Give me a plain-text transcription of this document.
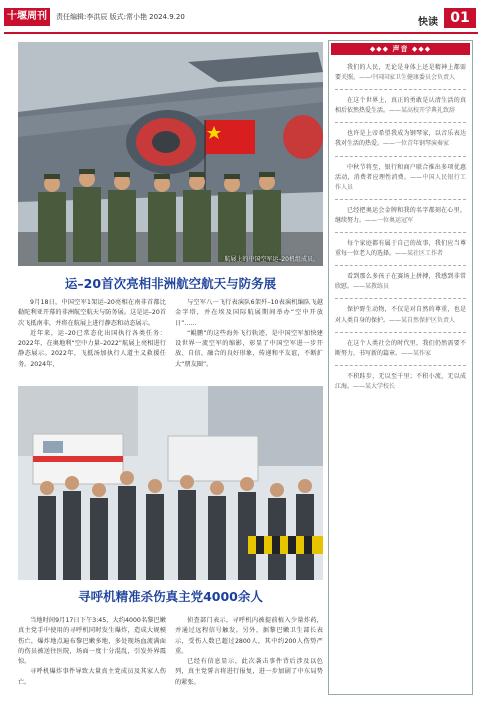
十堰周刊	责任编辑:李洪辰 版式:常小艳 2024.9.20	快读 01
航展上的中国空军运–20机组成员。
运–20首次亮相非洲航空航天与防务展

9月18日，中国空军1架运–20亮相在南非首都比勒陀利亚开幕的非洲航空航天与防务展。这是运–20首次飞抵南非，并将在航展上进行静态和动态展示。

近年来，运–20已常态化出国执行各类任务：2022年，在奥地利“空中力量–2022”航展上亮相进行静态展示。2022年，飞抵汤加执行人道主义救援任务。2024年，

与空军八一飞行表演队6架歼–10表演机编队飞越金字塔，并在埃及国际航展期间举办“空中开放日”……

“鲲鹏”的这些海外飞行轨迹，是中国空军加快建设世界一流空军的缩影，彰显了中国空军进一步开放、自信、融合的良好形象，传递和平友谊，不断扩大“朋友圈”。

寻呼机精准杀伤真主党4000余人

当地时间9月17日下午3:45，大约4000名黎巴嫩真主党手中使用的寻呼机同时发生爆炸，造成大规模伤亡，爆炸地点遍布黎巴嫩多地，多处现场血流满面的伤员被送往医院，场面一度十分混乱，引发外界震惊。

寻呼机爆炸事件导致大量真主党成员及其家人伤亡。

侦查部门表示，寻呼机内被提前植入少量炸药，并通过远程信号触发。另外，据黎巴嫩卫生部长表示，受伤人数已超过2800人，其中约200人伤势严重。

已经有信息显示，此次袭击事件背后涉及以色列，真主党誓言将进行报复，进一步加剧了中东局势的紧张。

◆◆◆ 声音 ◆◆◆
我们的人民，无论是身体上还是精神上都需要关照。——中国国家卫生健康委员会负责人
在这个世界上，真正的勇敢是认清生活的真相后依然热爱生活。——某高校开学典礼致辞
也许是上帝希望我成为钢琴家，以音乐表达我对生活的热爱。——一位青年钢琴演奏家
中秋节将至，银行和商户联合推出多项优惠活动，消费者应理性消费。——中国人民银行工作人员
已经把奥运会金牌和我的名字都刻在心里，继续努力。——一位奥运冠军
每个家庭都有属于自己的故事，我们应当尊重每一位老人的选择。——某社区工作者
看到那么多孩子在赛场上拼搏，我感到非常欣慰。——某教练员
保护野生动物，不仅是对自然的尊重，也是对人类自身的保护。——某自然保护区负责人
在这个人类社会的时代里，我们仍然需要不断努力，书写新的篇章。——某作家
不积跬步，无以至千里；不积小流，无以成江海。——某大学校长
